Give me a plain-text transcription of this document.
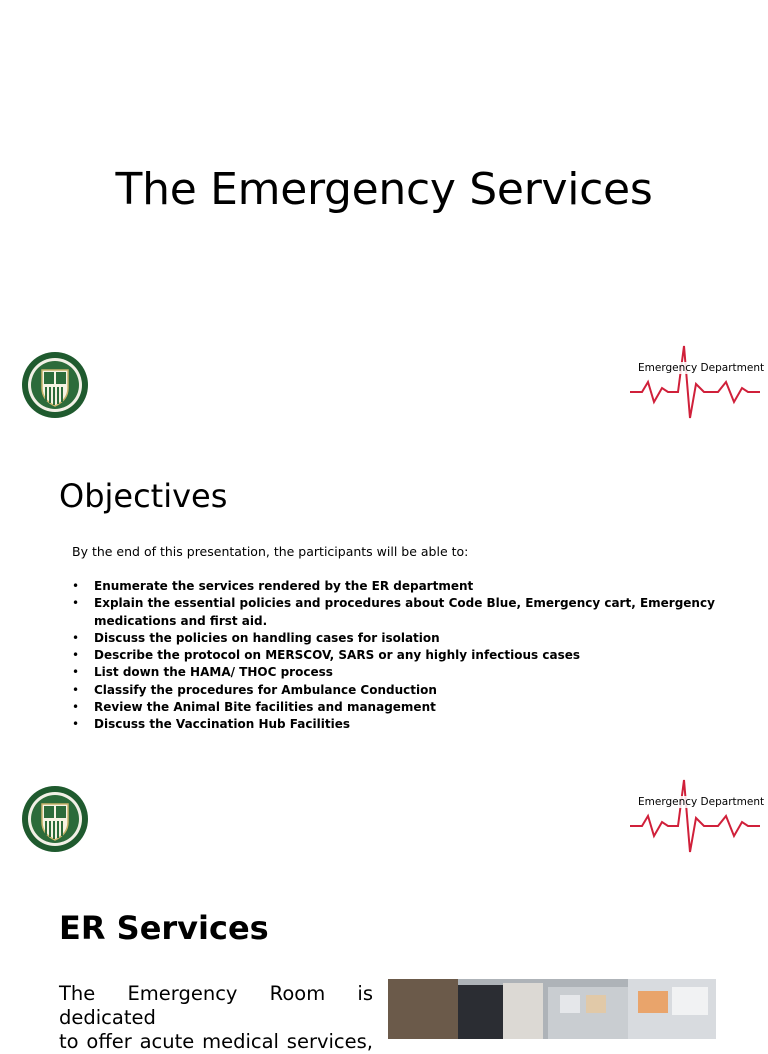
The Emergency Services
Emergency Department
Objectives
By the end of this presentation, the participants will be able to:
• Enumerate the services rendered by the ER department
• Explain the essential policies and procedures about Code Blue, Emergency cart, Emergency medications and first aid.
• Discuss the policies on handling cases for isolation
• Describe the protocol on MERSCOV, SARS or any highly infectious cases
• List down the HAMA/ THOC process
• Classify the procedures for Ambulance Conduction
• Review the Animal Bite facilities and management
• Discuss the Vaccination Hub Facilities
Emergency Department
ER Services
The Emergency Room is dedicated
to offer acute medical services,
